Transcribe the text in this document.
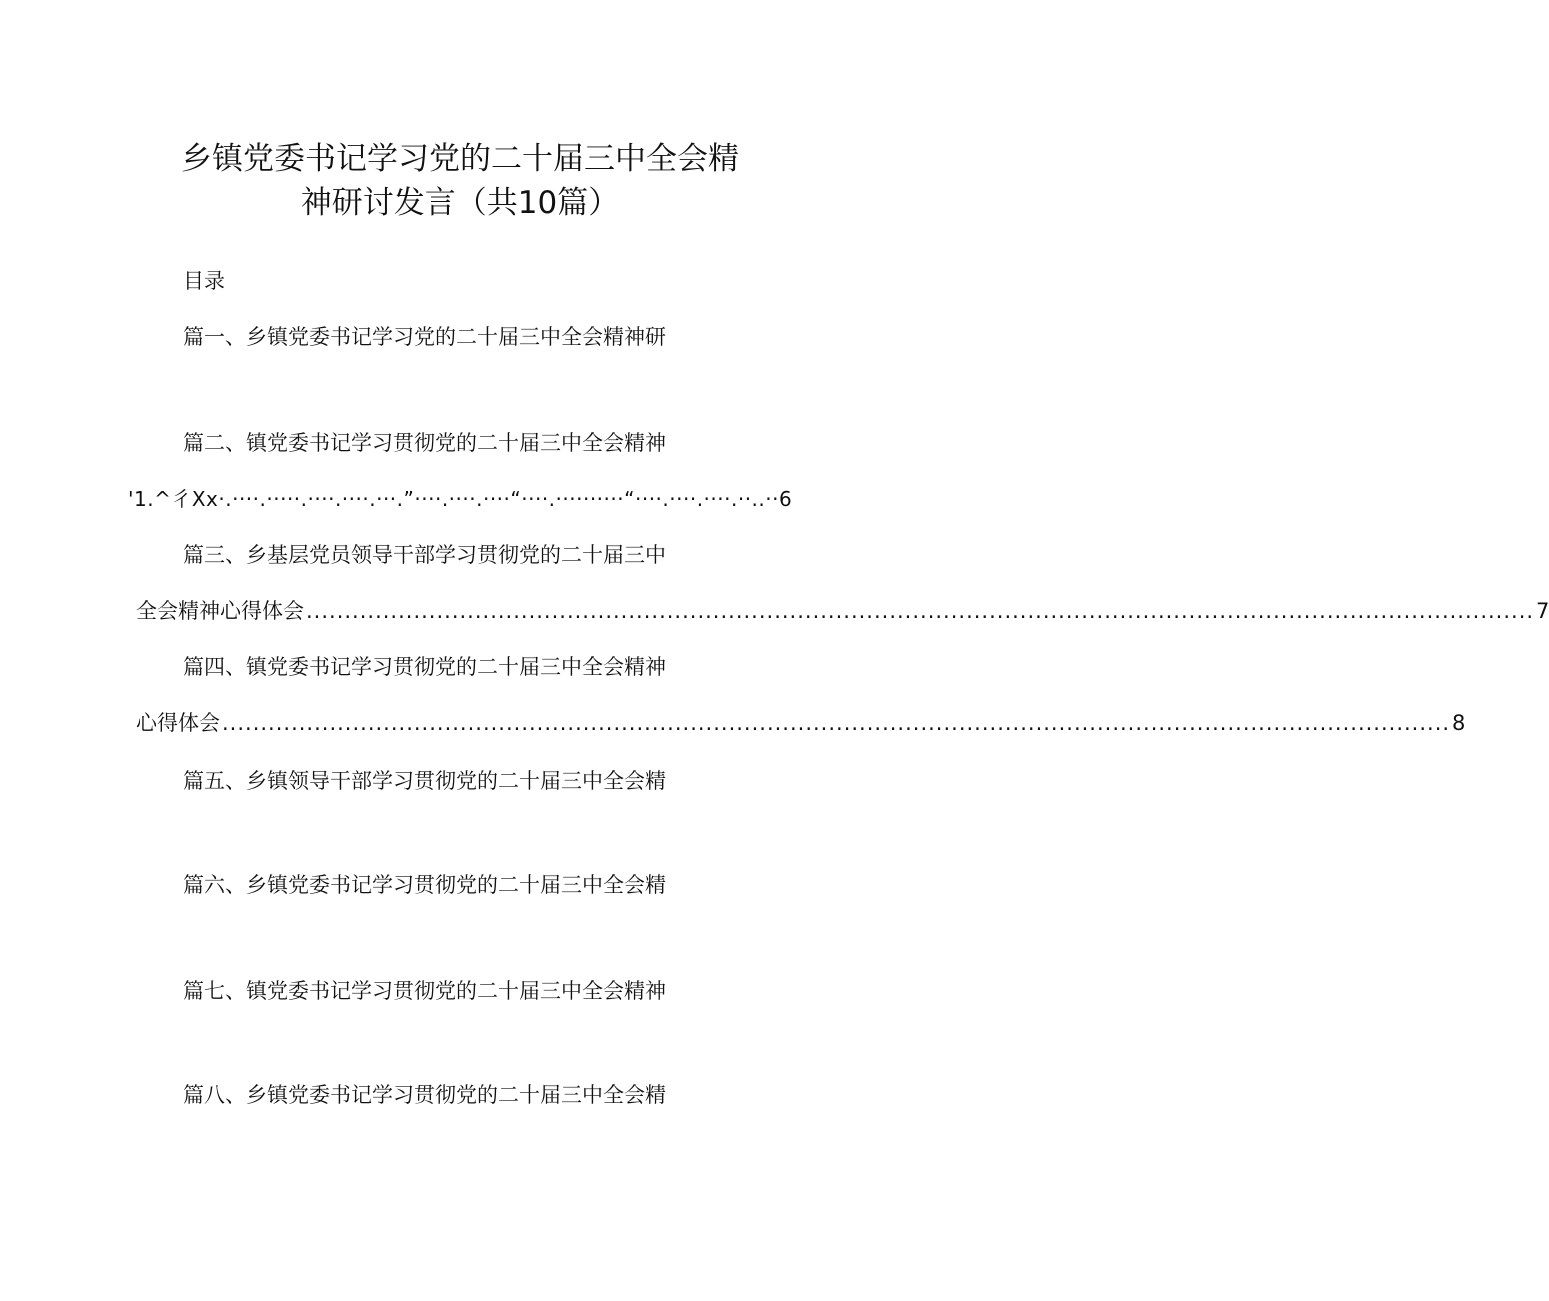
乡镇党委书记学习党的二十届三中全会精
神研讨发言（共10篇）
目录
篇一、乡镇党委书记学习党的二十届三中全会精神研
篇二、镇党委书记学习贯彻党的二十届三中全会精神
'1.^彳Xx·.····.·····.····.····.···.”····.····.····“····.··········“····.····.····.··..··6
篇三、乡基层党员领导干部学习贯彻党的二十届三中
全会精神心得体会 ................................................................................................................................................................ 7
篇四、镇党委书记学习贯彻党的二十届三中全会精神
心得体会 ................................................................................................................................................................ 8
篇五、乡镇领导干部学习贯彻党的二十届三中全会精
篇六、乡镇党委书记学习贯彻党的二十届三中全会精
篇七、镇党委书记学习贯彻党的二十届三中全会精神
篇八、乡镇党委书记学习贯彻党的二十届三中全会精
